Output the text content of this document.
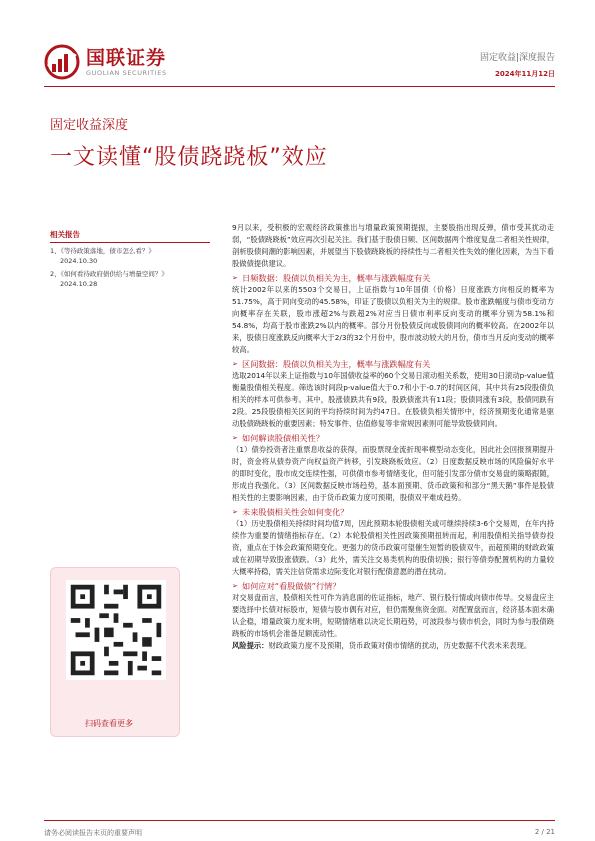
国联证券
GUOLIAN SECURITIES
固定收益|深度报告
2024年11月12日
固定收益深度
一文读懂“股债跷跷板”效应
相关报告
1、《等待政策落地，债市怎么看？》
2024.10.30
2、《如何看待政府债供给与增量空间？》
2024.10.28
扫码查看更多

9月以来，受积极的宏观经济政策推出与增量政策预期提振，主要股指出现反弹，债市受其扰动走弱，“股债跷跷板”效应再次引起关注。我们基于股债日频、区间数据两个维度复盘二者相关性规律，剖析股债间潮的影响因素，并展望当下股债跷跷板的持续性与二者相关性失效的催化因素，为当下看股做债提供建议。

➢ 日频数据：股债以负相关为主，概率与涨跌幅度有关

统计2002年以来的5503个交易日，上证指数与10年国债（价格）日度涨跌方向相反的概率为51.75%，高于同向变动的45.58%，印证了股债以负相关为主的规律。股市涨跌幅度与债市变动方向概率存在关联，股市涨超2%与跌超2%对应当日债市利率反向变动的概率分别为58.1%和54.8%，均高于股市涨跌2%以内的概率。部分月份股债反向或股债同向的概率较高。在2002年以来，股债日度涨跌反向概率大于2/3的32个月份中，股市波动较大的月份，债市当月反向变动的概率较高。

➢ 区间数据：股债以负相关为主，概率与涨跌幅度有关

选取2014年以来上证指数与10年国债收益率的60个交易日滚动相关系数，使用30日滚动p-value值衡量股债相关程度。筛选该时间段p-value值大于0.7和小于-0.7的时间区间，其中共有25段股债负相关的样本可供参考。其中，股涨债跌共有9段，股跌债涨共有11段；股债同涨有3段，股债同跌有2段。25段股债相关区间的平均持续时间为约47日。在股债负相关情形中，经济预期变化通常是驱动股债跷跷板的重要因素；特发事件、估值修复等非常规因素则可能导致股债同向。

➢ 如何解读股债相关性？

（1）债券投资者注重票息收益的获得，而股票现金流折现率模型动态变化，因此社会回报预期提升时，资金将从债券资产向权益资产转移，引发跷跷板效应。（2）日度数据反映市场的风险偏好水平的即时变化，股市成交连续性强，可供债市参考情绪变化，但可能引发部分债市交易盘的策略跟随，形成自我强化。（3）区间数据反映市场趋势，基本面预期、货币政策和和部分“黑天鹅”事件是股债相关性的主要影响因素，由于货币政策力度可预期，股债双平难成趋势。

➢ 未来股债相关性会如何变化？

（1）历史股债相关持续时间均值7周，因此预期本轮股债相关或可继续持续3-6个交易周，在年内持续作为重要的情绪指标存在。（2）本轮股债相关性因政策预期扭转而起，利用股债相关指导债券投资，重点在于体会政策预期变化。更强力的货币政策可望催生短暂的股债双牛，而超预期的财政政策或在初期导致股涨债跌。（3）此外，需关注交易类机构的股债切换；银行等债券配置机构的力量较大概率持稳，需关注信贷需求边际变化对银行配债意愿的潜在扰动。

➢ 如何应对“看股做债”行情？

对交易盘而言，股债相关性可作为消息面的佐证指标，地产、银行股行情或向债市传导。交易盘应主要选择中长债对标股市，短债与股市偶有对应，但仍需聚焦资金面。对配置盘而言，经济基本面未确认企稳，增量政策力度未明，短期情绪难以决定长期趋势，可波段参与债市机会，同时为参与股债跷跷板的市场机会准备足额流动性。

风险提示：财政政策力度不及预期，货币政策对债市情绪的扰动，历史数据不代表未来表现。

请务必阅读报告末页的重要声明	2 / 21
